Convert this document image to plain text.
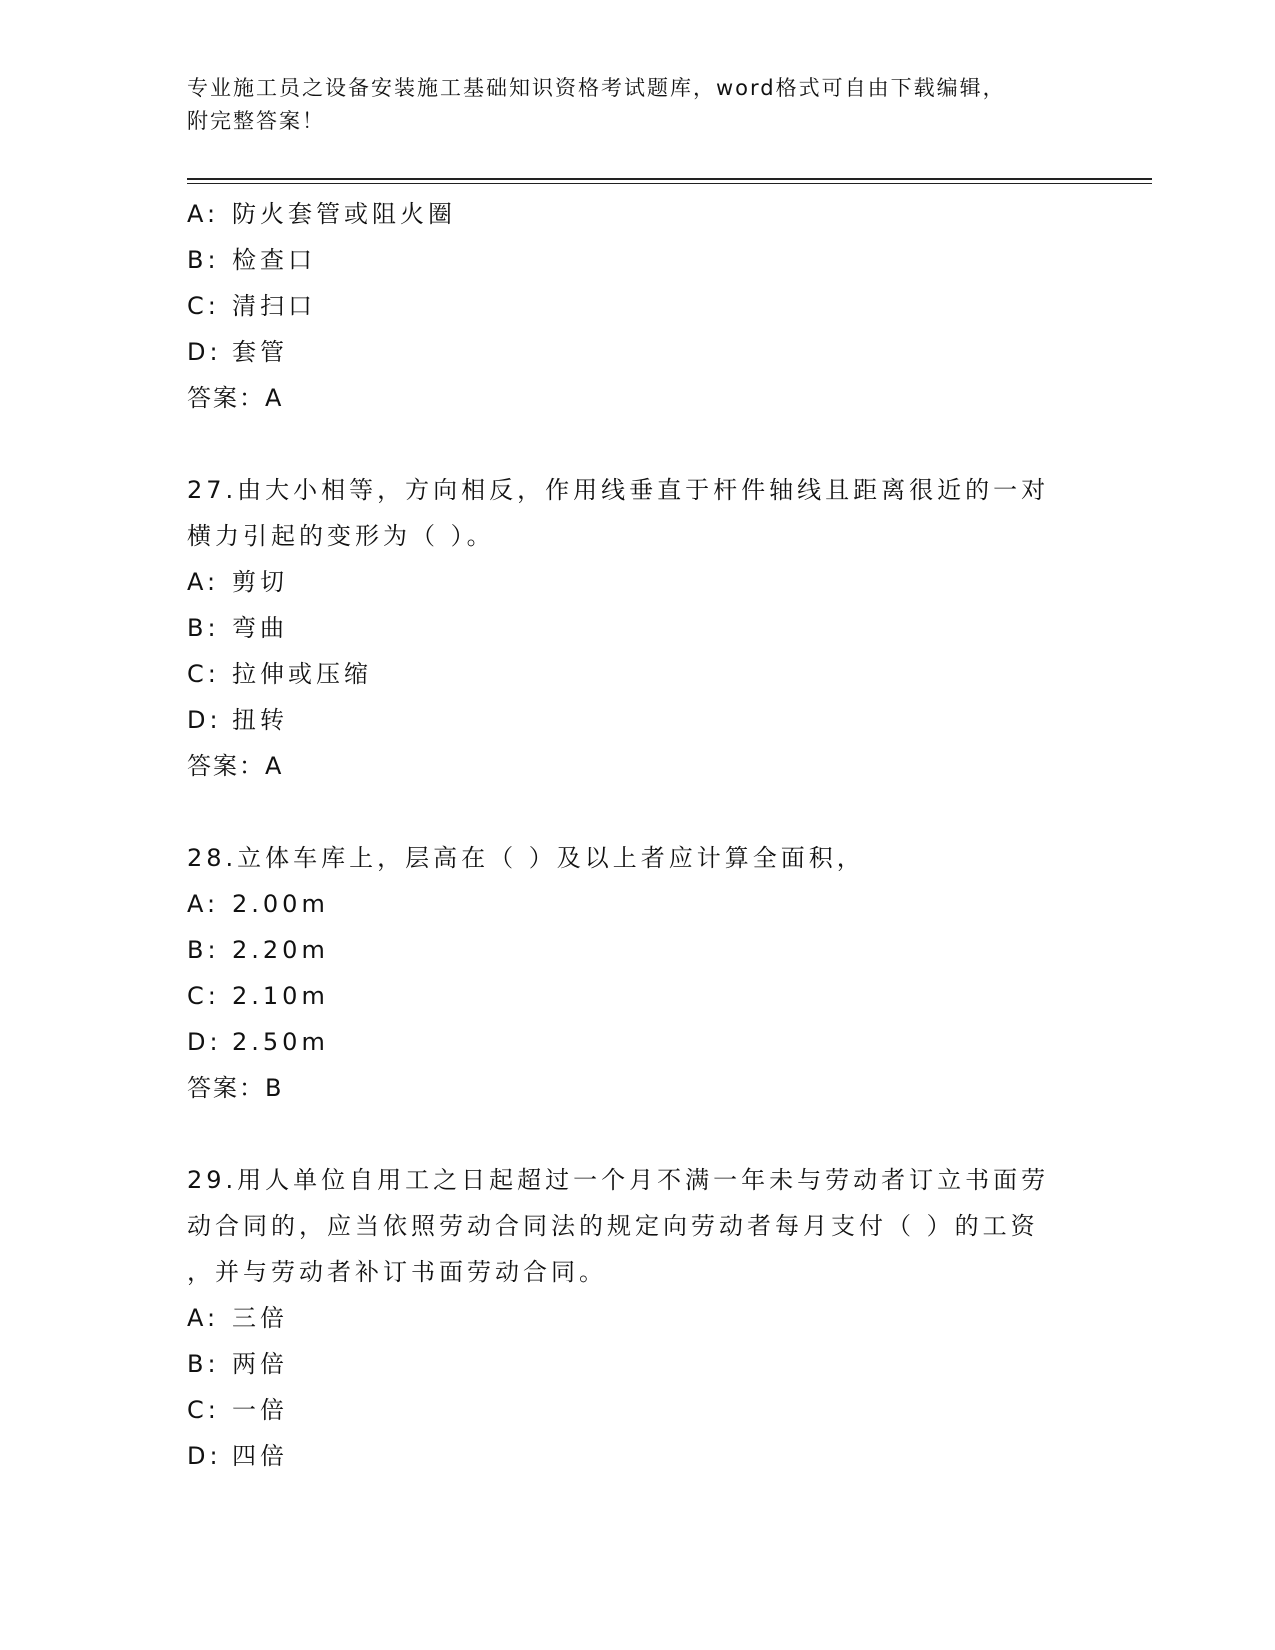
专业施工员之设备安装施工基础知识资格考试题库，word格式可自由下载编辑，
附完整答案！
A: 防火套管或阻火圈
B: 检查口
C: 清扫口
D: 套管
答案：A
27.由大小相等，方向相反，作用线垂直于杆件轴线且距离很近的一对
横力引起的变形为（ ）。
A: 剪切
B: 弯曲
C: 拉伸或压缩
D: 扭转
答案：A
28.立体车库上，层高在（ ）及以上者应计算全面积，
A: 2.00m
B: 2.20m
C: 2.10m
D: 2.50m
答案：B
29.用人单位自用工之日起超过一个月不满一年未与劳动者订立书面劳
动合同的，应当依照劳动合同法的规定向劳动者每月支付（ ）的工资
，并与劳动者补订书面劳动合同。
A: 三倍
B: 两倍
C: 一倍
D: 四倍
